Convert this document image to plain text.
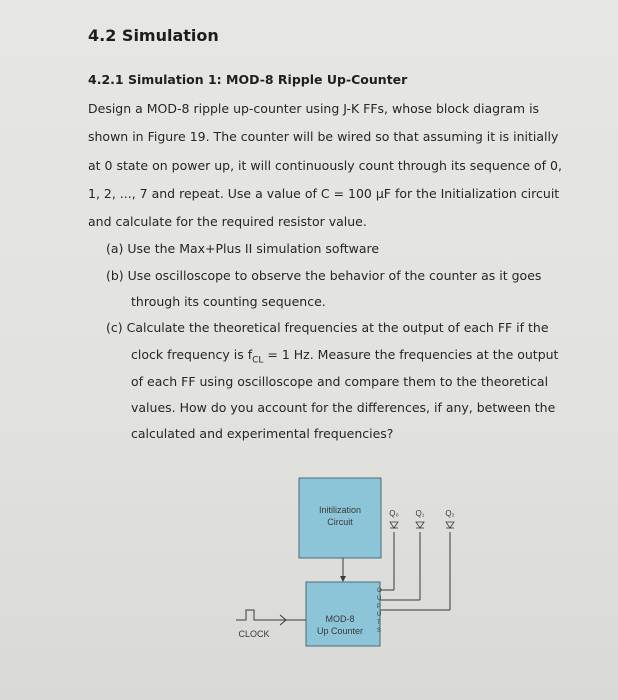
4.2 Simulation
4.2.1 Simulation 1: MOD-8 Ripple Up-Counter
Design a MOD-8 ripple up-counter using J-K FFs, whose block diagram is
shown in Figure 19. The counter will be wired so that assuming it is initially
at 0 state on power up, it will continuously count through its sequence of 0,
1, 2, ..., 7 and repeat. Use a value of C = 100 µF for the Initialization circuit
and calculate for the required resistor value.
(a) Use the Max+Plus II simulation software
(b) Use oscilloscope to observe the behavior of the counter as it goes
through its counting sequence.
(c) Calculate the theoretical frequencies at the output of each FF if the
clock frequency is $f_{CL} = 1$ Hz. Measure the frequencies at the output
of each FF using oscilloscope and compare them to the theoretical
values. How do you account for the differences, if any, between the
calculated and experimental frequencies?
Initilization
Circuit
MOD-8
Up Counter
O U P U T S
Q₀ Q₁	Q₂
CLOCK
